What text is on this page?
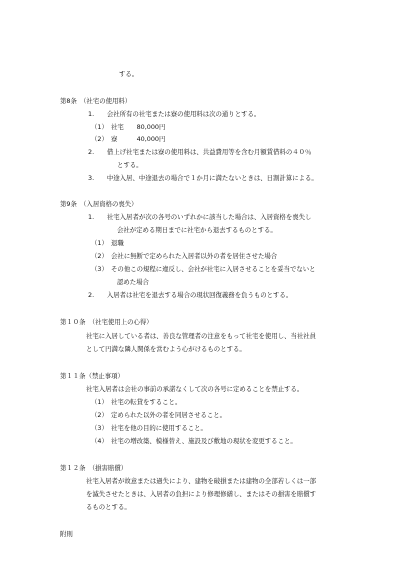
する。
第8条　（社宅の使用料）
1.　　会社所有の社宅または寮の使用料は次の通りとする。
（1）　社宅　　80,000円
（2）　寮　　　40,000円
2.　　借上げ社宅または寮の使用料は、共益費用等を含む月額賃借料の４０％
とする。
3.　　中途入居、中途退去の場合で１か月に満たないときは、日割計算による。
第9条　（入居資格の喪失）
1.　　社宅入居者が次の各号のいずれかに該当した場合は、入居資格を喪失し
会社が定める期日までに社宅から退去するものとする。
（1）　退職
（2）　会社に無断で定められた入居者以外の者を居住させた場合
（3）　その他この規程に違反し、会社が社宅に入居させることを妥当でないと
認めた場合
2.　　入居者は社宅を退去する場合の現状回復義務を負うものとする。
第１０条　（社宅使用上の心得）
社宅に入居している者は、善良な管理者の注意をもって社宅を使用し、当社社員
として円満な隣人関係を営むよう心がけるものとする。
第１１条（禁止事項）
社宅入居者は会社の事前の承諾なくして次の各号に定めることを禁止する。
（1）　社宅の転貸をすること。
（2）　定められた以外の者を同居させること。
（3）　社宅を他の目的に使用すること。
（4）　社宅の増改築、模様替え、施設及び敷地の現状を変更すること。
第１２条　（損害賠償）
社宅入居者が故意または過失により、建物を破損または建物の全部若しくは一部
を滅失させたときは、入居者の負担により修理修繕し、またはその損害を賠償す
るものとする。
附則
